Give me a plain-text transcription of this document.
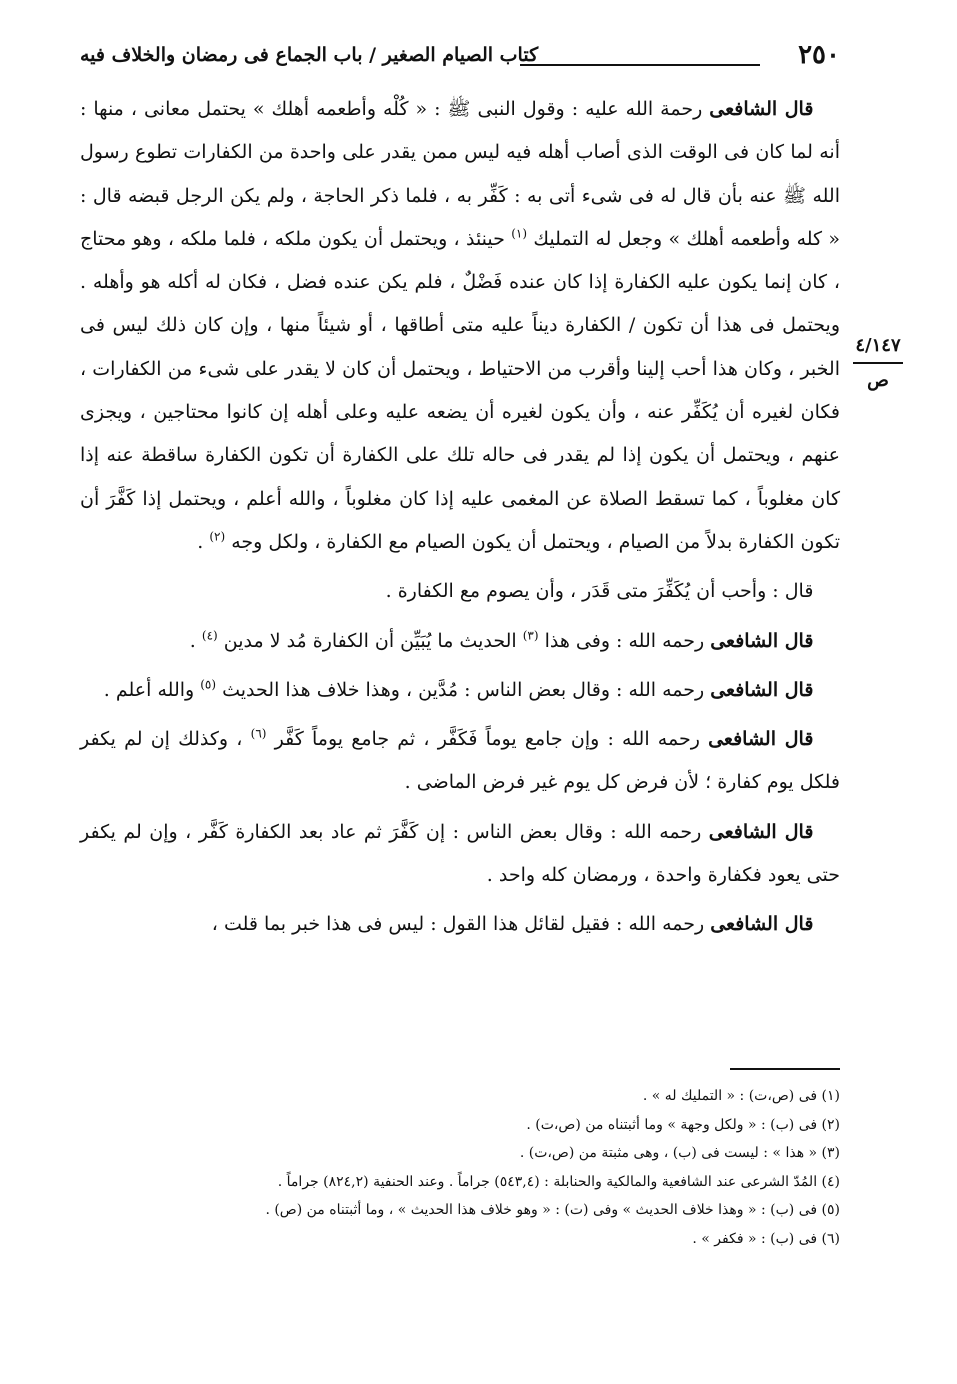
٢٥٠
كتاب الصيام الصغير / باب الجماع فى رمضان والخلاف فيه
٤/١٤٧
ص

قال الشافعى رحمة الله عليه : وقول النبى ﷺ : « كُلْه وأطعمه أهلك » يحتمل معانى ، منها : أنه لما كان فى الوقت الذى أصاب أهله فيه ليس ممن يقدر على واحدة من الكفارات تطوع رسول الله ﷺ عنه بأن قال له فى شىء أتى به : كَفِّر به ، فلما ذكر الحاجة ، ولم يكن الرجل قبضه قال : « كله وأطعمه أهلك » وجعل له التمليك $^{(١)}$ حينئذ ، ويحتمل أن يكون ملكه ، فلما ملكه ، وهو محتاج ، كان إنما يكون عليه الكفارة إذا كان عنده فَضْلٌ ، فلم يكن عنده فضل ، فكان له أكله هو وأهله . ويحتمل فى هذا أن تكون / الكفارة ديناً عليه متى أطاقها ، أو شيئاً منها ، وإن كان ذلك ليس فى الخبر ، وكان هذا أحب إلينا وأقرب من الاحتياط ، ويحتمل أن كان لا يقدر على شىء من الكفارات ، فكان لغيره أن يُكَفِّر عنه ، وأن يكون لغيره أن يضعه عليه وعلى أهله إن كانوا محتاجين ، ويجزى عنهم ، ويحتمل أن يكون إذا لم يقدر فى حاله تلك على الكفارة أن تكون الكفارة ساقطة عنه إذا كان مغلوباً ، كما تسقط الصلاة عن المغمى عليه إذا كان مغلوباً ، والله أعلم ، ويحتمل إذا كَفَّرَ أن تكون الكفارة بدلاً من الصيام ، ويحتمل أن يكون الصيام مع الكفارة ، ولكل وجه $^{(٢)}$ .

قال : وأحب أن يُكَفِّرَ متى قَدَر ، وأن يصوم مع الكفارة .

قال الشافعى رحمه الله : وفى هذا $^{(٣)}$ الحديث ما يُبَيِّن أن الكفارة مُد لا مدين $^{(٤)}$ .

قال الشافعى رحمه الله : وقال بعض الناس : مُدَّين ، وهذا خلاف هذا الحديث $^{(٥)}$ والله أعلم .

قال الشافعى رحمه الله : وإن جامع يوماً فَكَفَّر ، ثم جامع يوماً كَفَّر $^{(٦)}$ ، وكذلك إن لم يكفر فلكل يوم كفارة ؛ لأن فرض كل يوم غير فرض الماضى .

قال الشافعى رحمه الله : وقال بعض الناس : إن كَفَّرَ ثم عاد بعد الكفارة كَفَّر ، وإن لم يكفر حتى يعود فكفارة واحدة ، ورمضان كله واحد .

قال الشافعى رحمه الله : فقيل لقائل هذا القول : ليس فى هذا خبر بما قلت ،

(١) فى (ص،ت) : « التمليك له » .

(٢) فى (ب) : « ولكل وجهة » وما أثبتناه من (ص،ت) .

(٣) « هذا » : ليست فى (ب) ، وهى مثبتة من (ص،ت) .

(٤) المُدّ الشرعى عند الشافعية والمالكية والحنابلة : (٥٤٣,٤) جراماً . وعند الحنفية (٨٢٤,٢) جراماً .

(٥) فى (ب) : « وهذا خلاف الحديث » وفى (ت) : « وهو خلاف هذا الحديث » ، وما أثبتناه من (ص) .

(٦) فى (ب) : « فكفر » .
